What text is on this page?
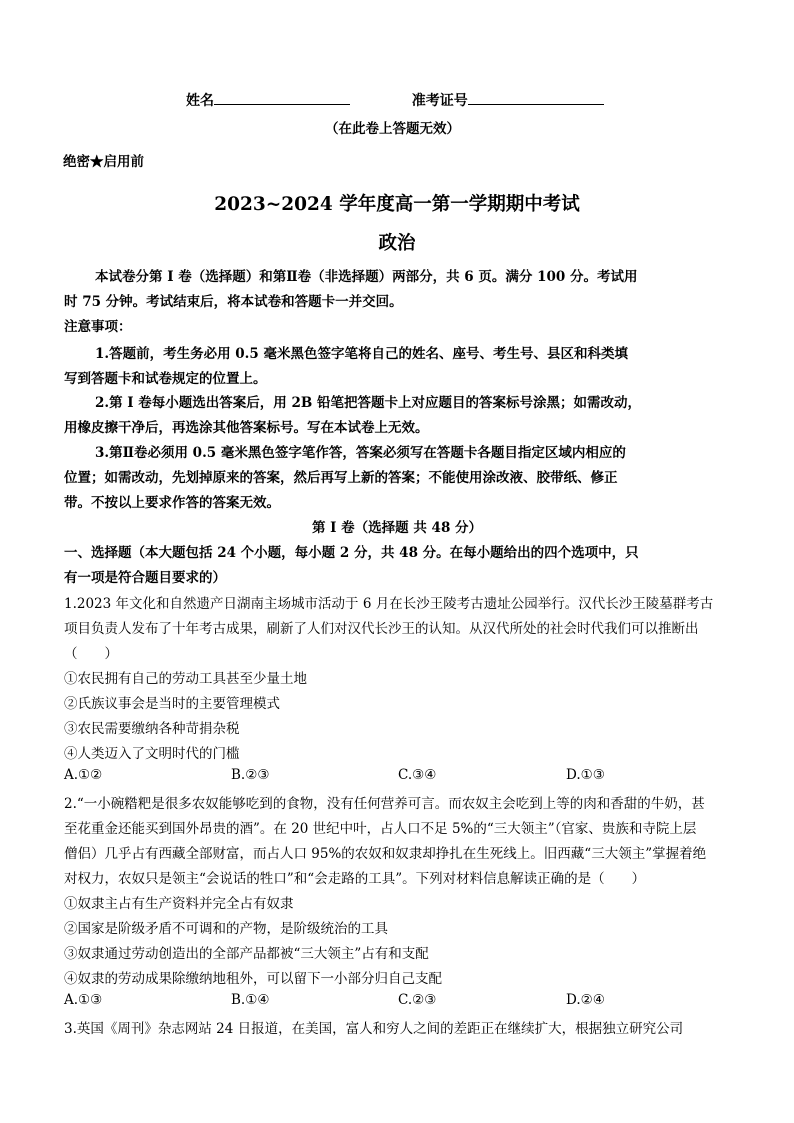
姓名	准考证号
（在此卷上答题无效）
绝密★启用前
2023~2024 学年度高一第一学期期中考试
政治
本试卷分第 I 卷（选择题）和第Ⅱ卷（非选择题）两部分，共 6 页。满分 100 分。考试用
时 75 分钟。考试结束后，将本试卷和答题卡一并交回。
注意事项：
1.答题前，考生务必用 0.5 毫米黑色签字笔将自己的姓名、座号、考生号、县区和科类填
写到答题卡和试卷规定的位置上。
2.第 I 卷每小题选出答案后，用 2B 铅笔把答题卡上对应题目的答案标号涂黑；如需改动，
用橡皮擦干净后，再选涂其他答案标号。写在本试卷上无效。
3.第Ⅱ卷必须用 0.5 毫米黑色签字笔作答，答案必须写在答题卡各题目指定区域内相应的
位置；如需改动，先划掉原来的答案，然后再写上新的答案；不能使用涂改液、胶带纸、修正
带。不按以上要求作答的答案无效。
第 I 卷（选择题 共 48 分）
一、选择题（本大题包括 24 个小题，每小题 2 分，共 48 分。在每小题给出的四个选项中，只
有一项是符合题目要求的）
1.2023 年文化和自然遗产日湖南主场城市活动于 6 月在长沙王陵考古遗址公园举行。汉代长沙王陵墓群考古
项目负责人发布了十年考古成果，刷新了人们对汉代长沙王的认知。从汉代所处的社会时代我们可以推断出
（　　）
①农民拥有自己的劳动工具甚至少量土地
②氏族议事会是当时的主要管理模式
③农民需要缴纳各种苛捐杂税
④人类迈入了文明时代的门槛
A.①②	B.②③	C.③④	D.①③
2.“一小碗糌粑是很多农奴能够吃到的食物，没有任何营养可言。而农奴主会吃到上等的肉和香甜的牛奶，甚
至花重金还能买到国外昂贵的酒”。在 20 世纪中叶，占人口不足 5%的“三大领主”（官家、贵族和寺院上层
僧侣）几乎占有西藏全部财富，而占人口 95%的农奴和奴隶却挣扎在生死线上。旧西藏“三大领主”掌握着绝
对权力，农奴只是领主“会说话的牲口”和“会走路的工具”。下列对材料信息解读正确的是（　　）
①奴隶主占有生产资料并完全占有奴隶
②国家是阶级矛盾不可调和的产物，是阶级统治的工具
③奴隶通过劳动创造出的全部产品都被“三大领主”占有和支配
④奴隶的劳动成果除缴纳地租外，可以留下一小部分归自己支配
A.①③	B.①④	C.②③	D.②④
3.英国《周刊》杂志网站 24 日报道，在美国，富人和穷人之间的差距正在继续扩大，根据独立研究公司
